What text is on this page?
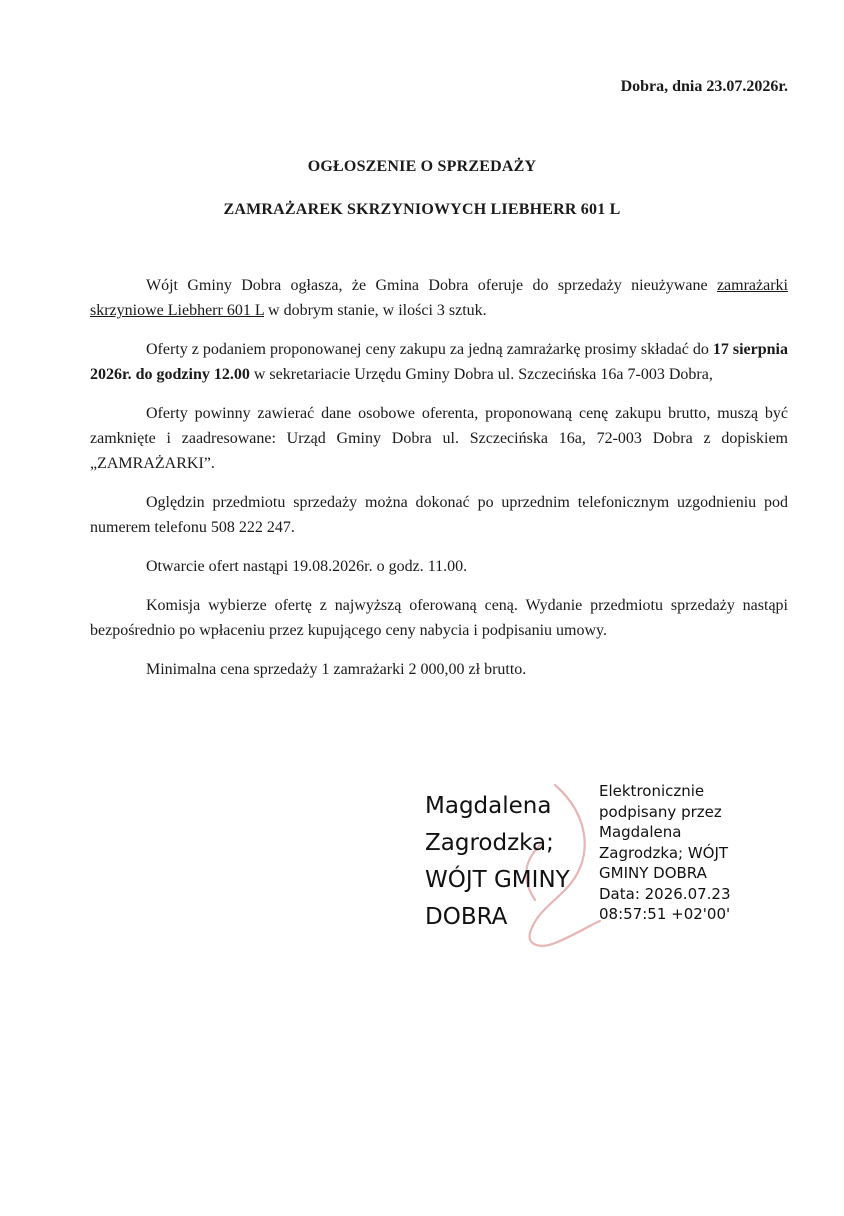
Dobra, dnia 23.07.2026r.
OGŁOSZENIE O SPRZEDAŻY
ZAMRAŻAREK SKRZYNIOWYCH LIEBHERR 601 L

Wójt Gminy Dobra ogłasza, że Gmina Dobra oferuje do sprzedaży nieużywane zamrażarki skrzyniowe Liebherr 601 L w dobrym stanie, w ilości 3 sztuk.

Oferty z podaniem proponowanej ceny zakupu za jedną zamrażarkę prosimy składać do 17 sierpnia 2026r. do godziny 12.00 w sekretariacie Urzędu Gminy Dobra ul. Szczecińska 16a 7-003 Dobra,

Oferty powinny zawierać dane osobowe oferenta, proponowaną cenę zakupu brutto, muszą być zamknięte i zaadresowane: Urząd Gminy Dobra ul. Szczecińska 16a, 72-003 Dobra z dopiskiem „ZAMRAŻARKI”.

Oględzin przedmiotu sprzedaży można dokonać po uprzednim telefonicznym uzgodnieniu pod numerem telefonu 508 222 247.

Otwarcie ofert nastąpi 19.08.2026r. o godz. 11.00.

Komisja wybierze ofertę z najwyższą oferowaną ceną. Wydanie przedmiotu sprzedaży nastąpi bezpośrednio po wpłaceniu przez kupującego ceny nabycia i podpisaniu umowy.

Minimalna cena sprzedaży 1 zamrażarki 2 000,00 zł brutto.

Magdalena
Zagrodzka;
WÓJT GMINY
DOBRA
Elektronicznie
podpisany przez
Magdalena
Zagrodzka; WÓJT
GMINY DOBRA
Data: 2026.07.23
08:57:51 +02'00'
